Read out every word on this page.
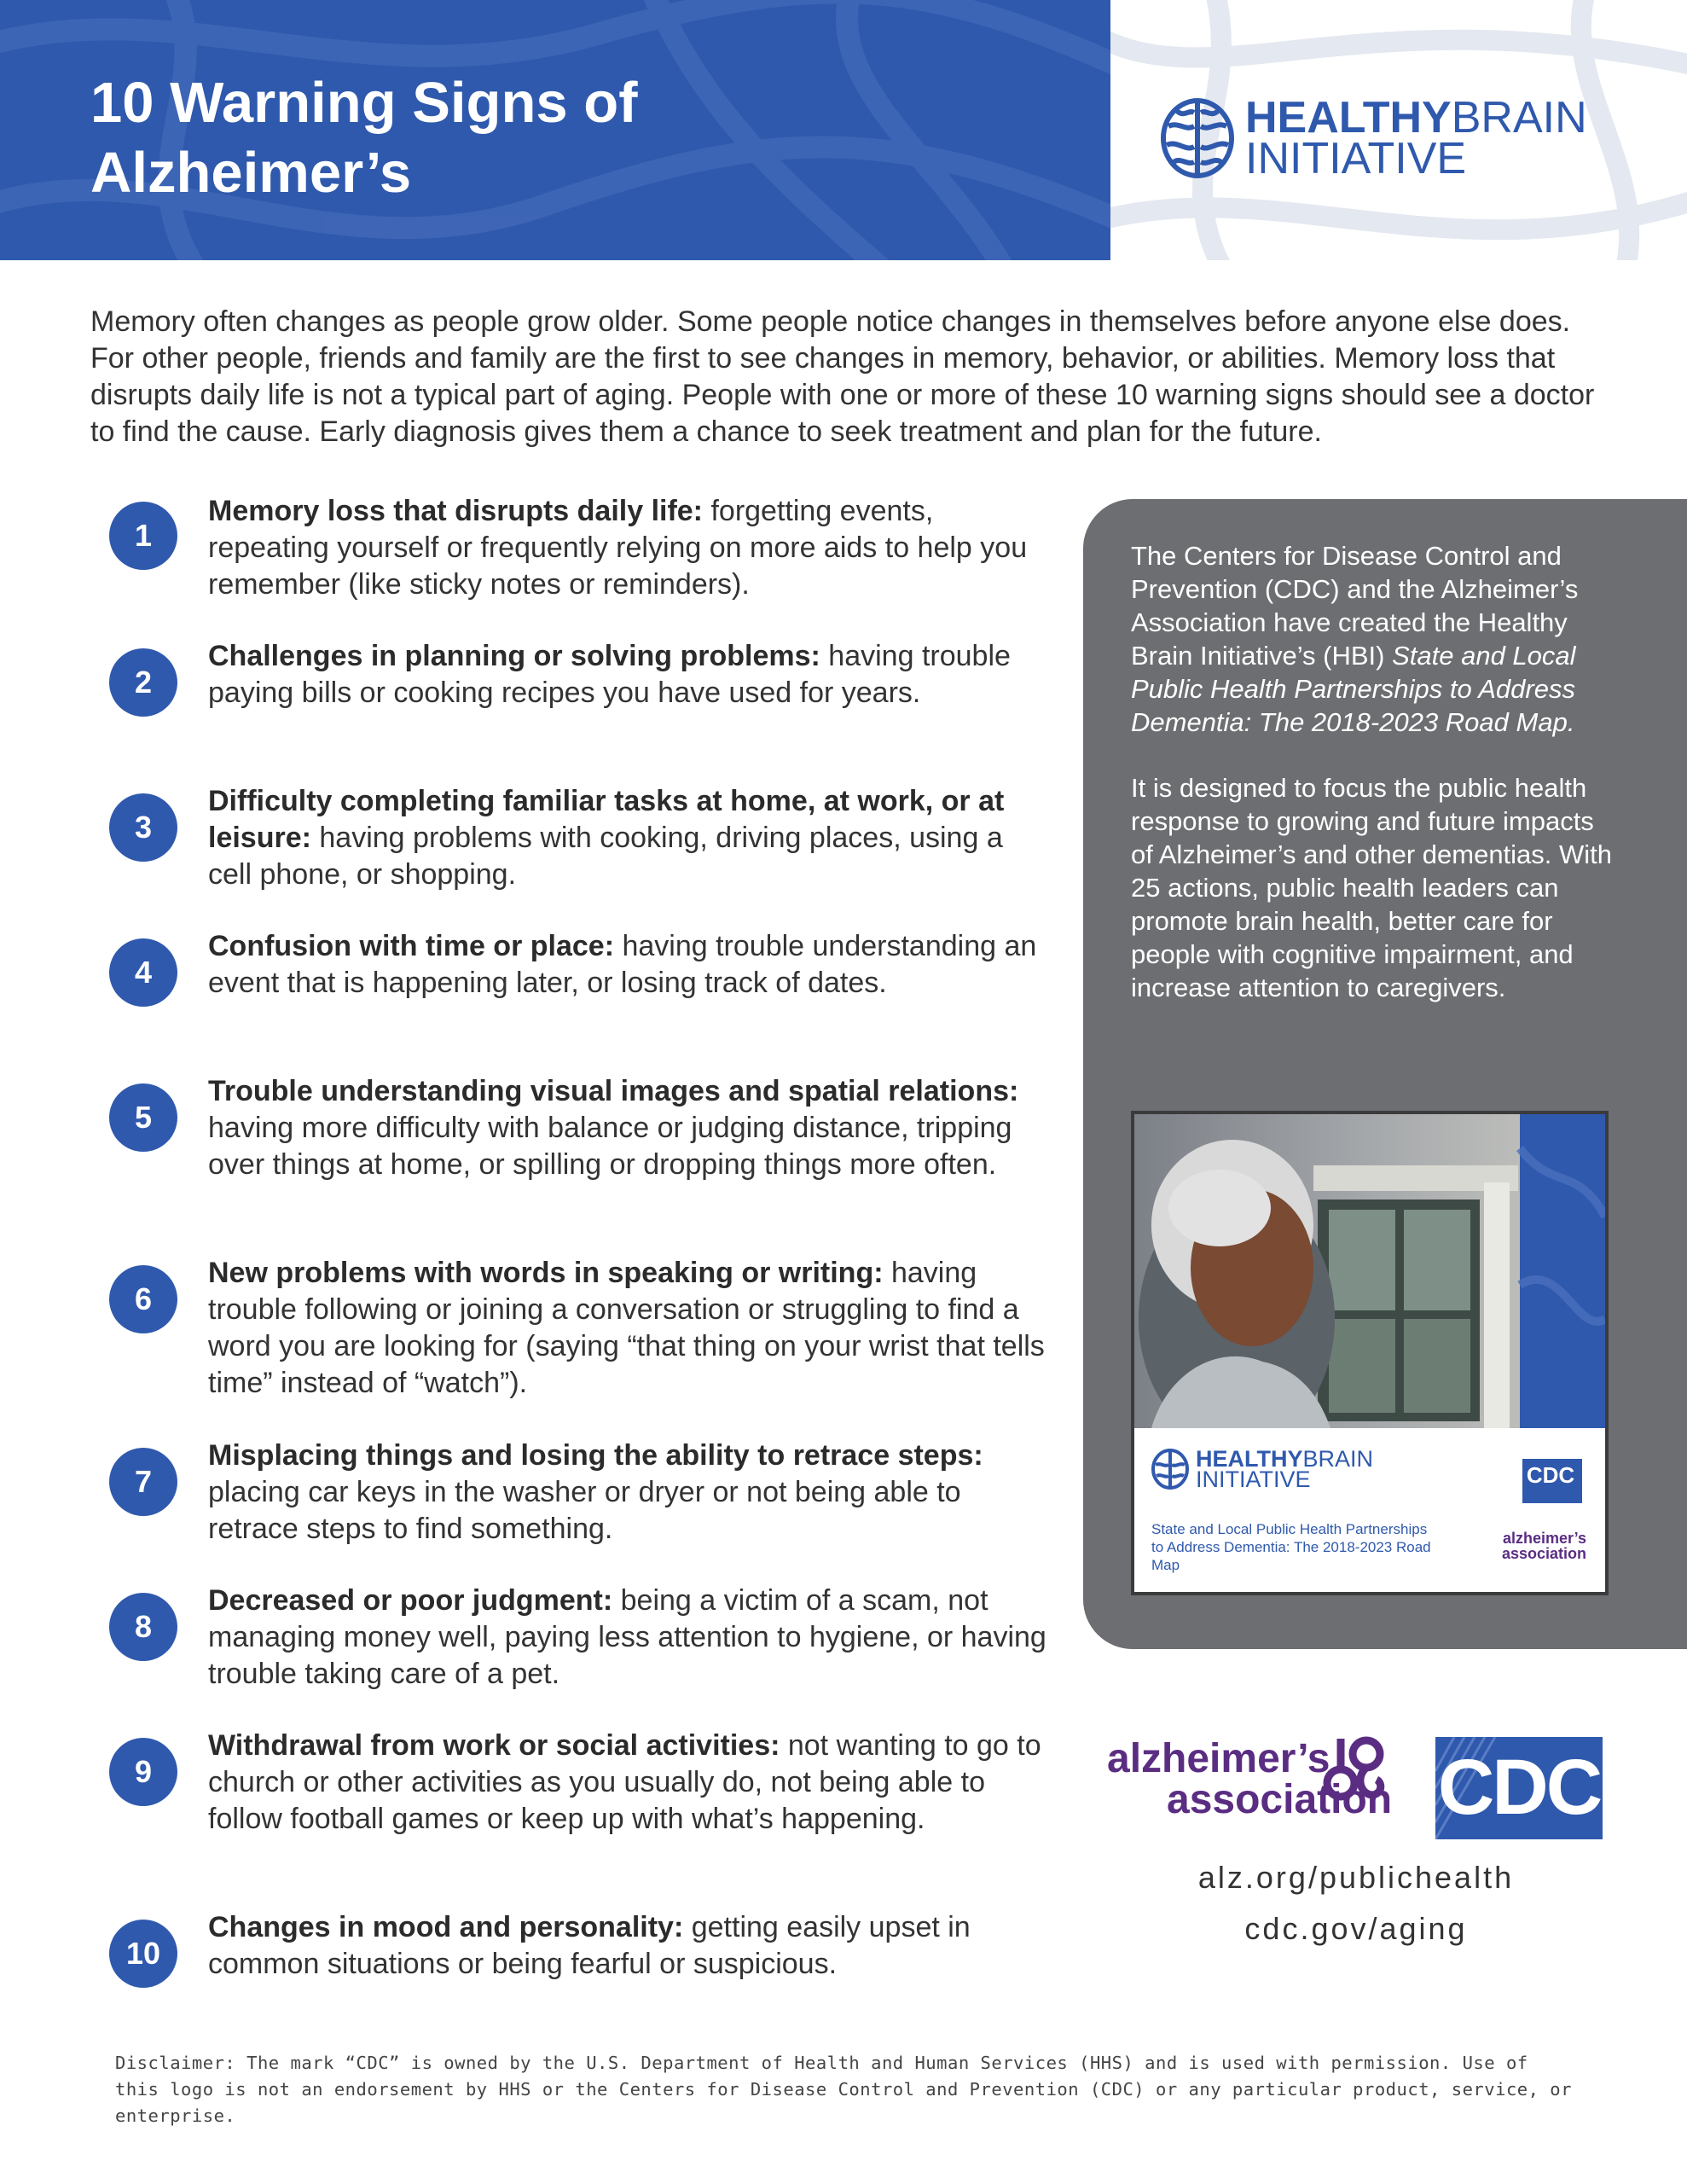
10 Warning Signs of
Alzheimer’s
HEALTHYBRAIN
INITIATIVE
Memory often changes as people grow older. Some people notice changes in themselves before anyone else does. For other people, friends and family are the first to see changes in memory, behavior, or abilities. Memory loss that disrupts daily life is not a typical part of aging. People with one or more of these 10 warning signs should see a doctor to find the cause. Early diagnosis gives them a chance to seek treatment and plan for the future.
1
Memory loss that disrupts daily life: forgetting events, repeating yourself or frequently relying on more aids to help you remember (like sticky notes or reminders).
2
Challenges in planning or solving problems: having trouble paying bills or cooking recipes you have used for years.
3
Difficulty completing familiar tasks at home, at work, or at leisure: having problems with cooking, driving places, using a cell phone, or shopping.
4
Confusion with time or place: having trouble understanding an event that is happening later, or losing track of dates.
5
Trouble understanding visual images and spatial relations: having more difficulty with balance or judging distance, tripping over things at home, or spilling or dropping things more often.
6
New problems with words in speaking or writing: having trouble following or joining a conversation or struggling to find a word you are looking for (saying “that thing on your wrist that tells time” instead of “watch”).
7
Misplacing things and losing the ability to retrace steps: placing car keys in the washer or dryer or not being able to retrace steps to find something.
8
Decreased or poor judgment: being a victim of a scam, not managing money well, paying less attention to hygiene, or having trouble taking care of a pet.
9
Withdrawal from work or social activities: not wanting to go to church or other activities as you usually do, not being able to follow football games or keep up with what’s happening.
10
Changes in mood and personality: getting easily upset in common situations or being fearful or suspicious.
The Centers for Disease Control and Prevention (CDC) and the Alzheimer’s Association have created the Healthy Brain Initiative’s (HBI) State and Local Public Health Partnerships to Address Dementia: The 2018-2023 Road Map.
It is designed to focus the public health response to growing and future impacts of Alzheimer’s and other dementias. With 25 actions, public health leaders can promote brain health, better care for people with cognitive impairment, and increase attention to caregivers.
HEALTHYBRAIN
INITIATIVE
State and Local Public Health Partnerships to Address Dementia: The 2018-2023 Road Map
CDC
alzheimer’s
association
alzheimer’s
association CDC
alz.org/publichealth
cdc.gov/aging
Disclaimer: The mark “CDC” is owned by the U.S. Department of Health and Human Services (HHS) and is used with permission. Use of this logo is not an endorsement by HHS or the Centers for Disease Control and Prevention (CDC) or any particular product, service, or enterprise.
